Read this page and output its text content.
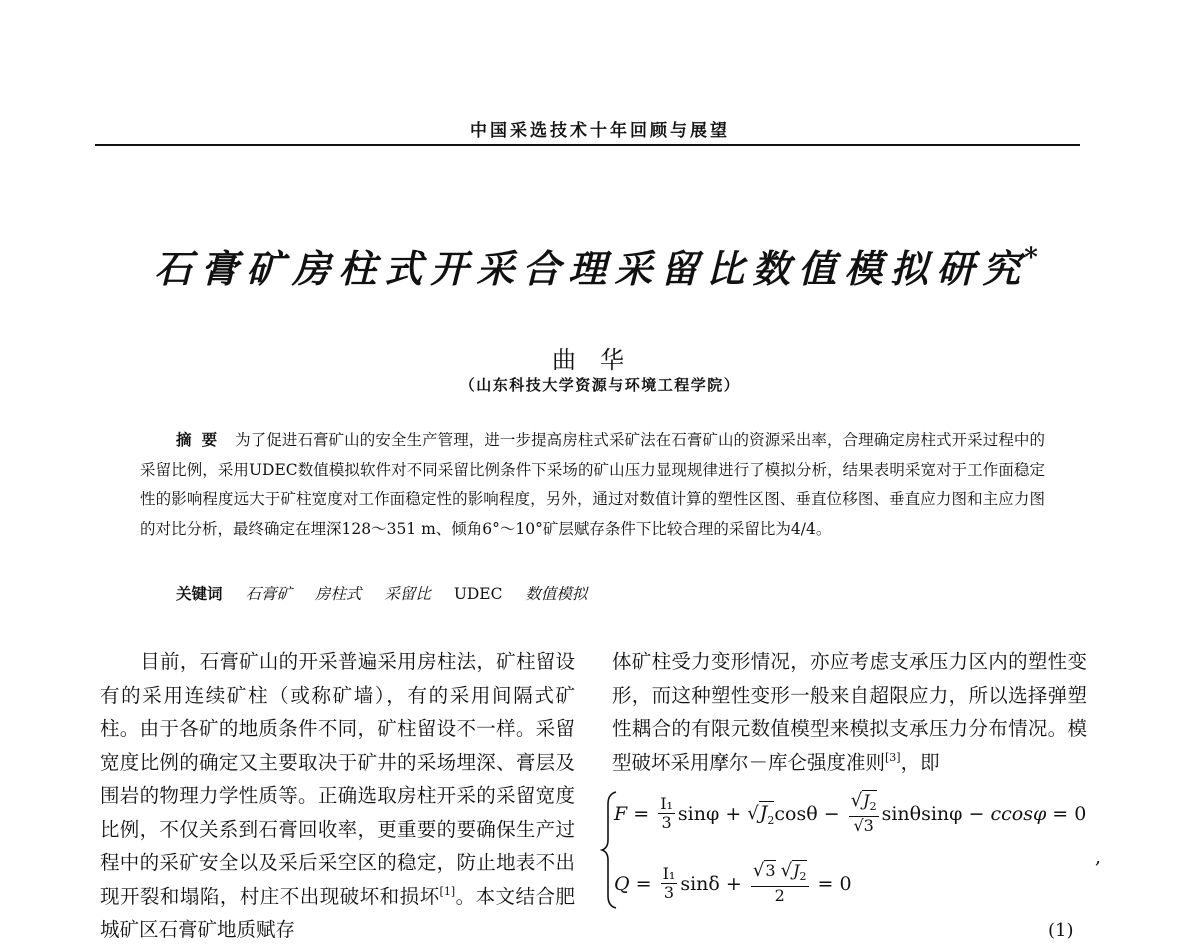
中国采选技术十年回顾与展望
石膏矿房柱式开采合理采留比数值模拟研究*
曲华
（山东科技大学资源与环境工程学院）
摘要 为了促进石膏矿山的安全生产管理，进一步提高房柱式采矿法在石膏矿山的资源采出率，合理确定房柱式开采过程中的采留比例，采用UDEC数值模拟软件对不同采留比例条件下采场的矿山压力显现规律进行了模拟分析，结果表明采宽对于工作面稳定性的影响程度远大于矿柱宽度对工作面稳定性的影响程度，另外，通过对数值计算的塑性区图、垂直位移图、垂直应力图和主应力图的对比分析，最终确定在埋深128～351 m、倾角6°～10°矿层赋存条件下比较合理的采留比为4/4。
关键词 石膏矿 房柱式 采留比 UDEC 数值模拟
目前，石膏矿山的开采普遍采用房柱法，矿柱留设有的采用连续矿柱（或称矿墙），有的采用间隔式矿柱。由于各矿的地质条件不同，矿柱留设不一样。采留宽度比例的确定又主要取决于矿井的采场埋深、膏层及围岩的物理力学性质等。正确选取房柱开采的采留宽度比例，不仅关系到石膏回收率，更重要的要确保生产过程中的采矿安全以及采后采空区的稳定，防止地表不出现开裂和塌陷，村庄不出现破坏和损坏[1]。本文结合肥城矿区石膏矿地质赋存
体矿柱受力变形情况，亦应考虑支承压力区内的塑性变形，而这种塑性变形一般来自超限应力，所以选择弹塑性耦合的有限元数值模型来模拟支承压力分布情况。模型破坏采用摩尔－库仑强度准则[3]，即
$F = \frac{\text{I₁}}{3}$ sinφ + √ $J_2$ $\cos\theta - \frac{√J_2}{√3}$ sinθsinφ − ccosφ = 0
$Q = \frac{\text{I₁}}{3}$ $\sin\delta + \frac{√3 √J_2}{2} = 0$
,
(1)
